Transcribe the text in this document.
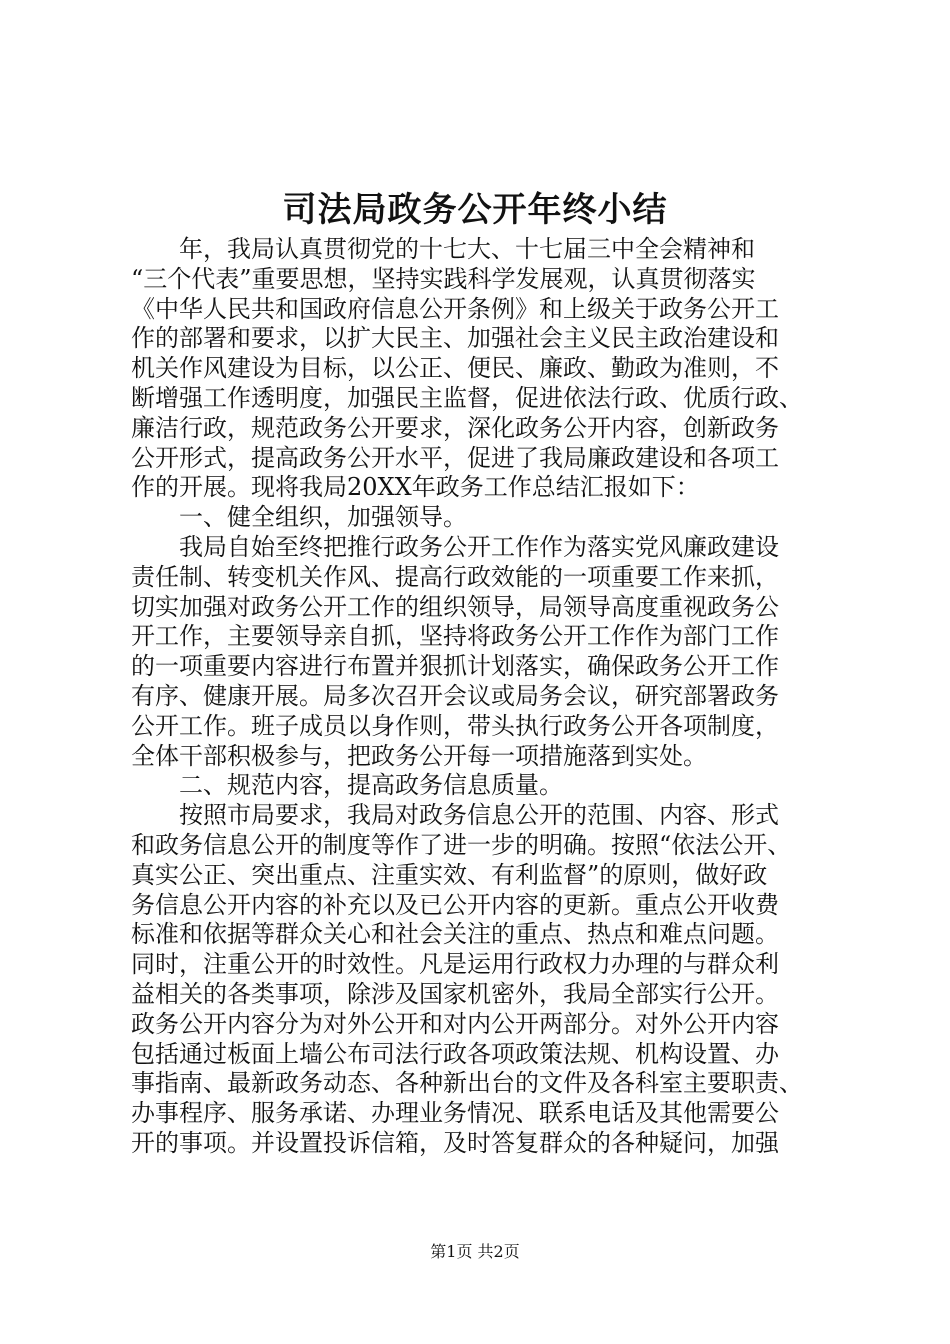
司法局政务公开年终小结
　　年，我局认真贯彻党的十七大、十七届三中全会精神和
“三个代表”重要思想，坚持实践科学发展观，认真贯彻落实
《中华人民共和国政府信息公开条例》和上级关于政务公开工
作的部署和要求，以扩大民主、加强社会主义民主政治建设和
机关作风建设为目标，以公正、便民、廉政、勤政为准则，不
断增强工作透明度，加强民主监督，促进依法行政、优质行政、
廉洁行政，规范政务公开要求，深化政务公开内容，创新政务
公开形式，提高政务公开水平，促进了我局廉政建设和各项工
作的开展。现将我局20XX年政务工作总结汇报如下：
　　一、健全组织，加强领导。
　　我局自始至终把推行政务公开工作作为落实党风廉政建设
责任制、转变机关作风、提高行政效能的一项重要工作来抓，
切实加强对政务公开工作的组织领导，局领导高度重视政务公
开工作，主要领导亲自抓，坚持将政务公开工作作为部门工作
的一项重要内容进行布置并狠抓计划落实，确保政务公开工作
有序、健康开展。局多次召开会议或局务会议，研究部署政务
公开工作。班子成员以身作则，带头执行政务公开各项制度，
全体干部积极参与，把政务公开每一项措施落到实处。
　　二、规范内容，提高政务信息质量。
　　按照市局要求，我局对政务信息公开的范围、内容、形式
和政务信息公开的制度等作了进一步的明确。按照“依法公开、
真实公正、突出重点、注重实效、有利监督”的原则，做好政
务信息公开内容的补充以及已公开内容的更新。重点公开收费
标准和依据等群众关心和社会关注的重点、热点和难点问题。
同时，注重公开的时效性。凡是运用行政权力办理的与群众利
益相关的各类事项，除涉及国家机密外，我局全部实行公开。
政务公开内容分为对外公开和对内公开两部分。对外公开内容
包括通过板面上墙公布司法行政各项政策法规、机构设置、办
事指南、最新政务动态、各种新出台的文件及各科室主要职责、
办事程序、服务承诺、办理业务情况、联系电话及其他需要公
开的事项。并设置投诉信箱，及时答复群众的各种疑问，加强
第1页 共2页
